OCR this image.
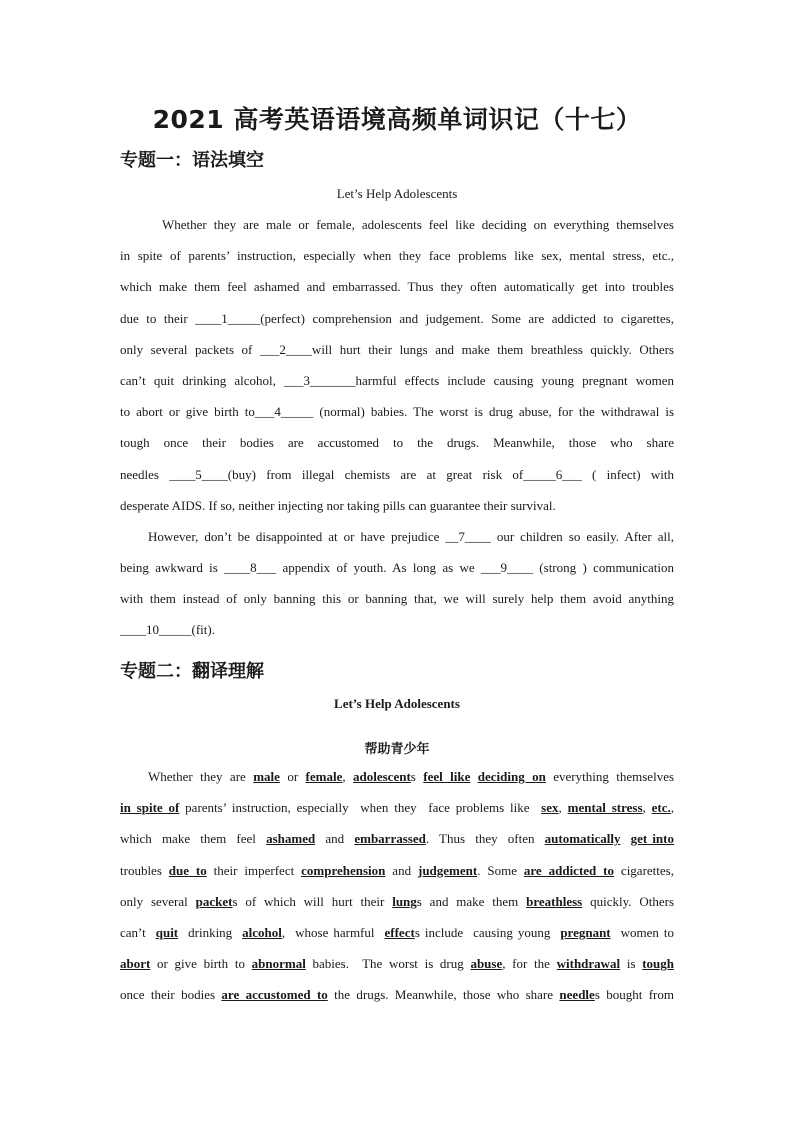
2021 高考英语语境高频单词识记（十七）
专题一：语法填空
Let’s Help Adolescents
Whether they are male or female, adolescents feel like deciding on everything themselves
in spite of parents’ instruction, especially when they face problems like sex, mental stress, etc.,
which make them feel ashamed and embarrassed. Thus they often automatically get into troubles
due to their ____1_____(perfect) comprehension and judgement. Some are addicted to cigarettes,
only several packets of ___2____will hurt their lungs and make them breathless quickly. Others
can’t quit drinking alcohol, ___3_______harmful effects include causing young pregnant women
to abort or give birth to___4_____ (normal) babies. The worst is drug abuse, for the withdrawal is
tough once their bodies are accustomed to the drugs. Meanwhile, those who share
needles ____5____(buy) from illegal chemists are at great risk of_____6___ ( infect) with
desperate AIDS. If so, neither injecting nor taking pills can guarantee their survival.
However, don’t be disappointed at or have prejudice __7____ our children so easily. After all,
being awkward is ____8___ appendix of youth. As long as we ___9____ (strong ) communication
with them instead of only banning this or banning that, we will surely help them avoid anything
____10_____(fit).
专题二：翻译理解
Let’s Help Adolescents
帮助青少年
Whether they are male or female, adolescents feel like deciding on everything themselves
in spite of parents’ instruction, especially  when they  face problems like  sex, mental stress, etc.,
which  make  them  feel  ashamed  and  embarrassed.  Thus  they  often  automatically get into
troubles due to their imperfect comprehension and judgement. Some are addicted to cigarettes,
only  several  packets  of  which  will  hurt  their  lungs  and  make  them  breathless  quickly.  Others
can’t  quit  drinking  alcohol,  whose harmful  effects include  causing young  pregnant  women to
abort or give birth to abnormal babies.  The worst is drug abuse, for the withdrawal is tough
once their bodies are accustomed to the drugs. Meanwhile, those who share needles bought from
